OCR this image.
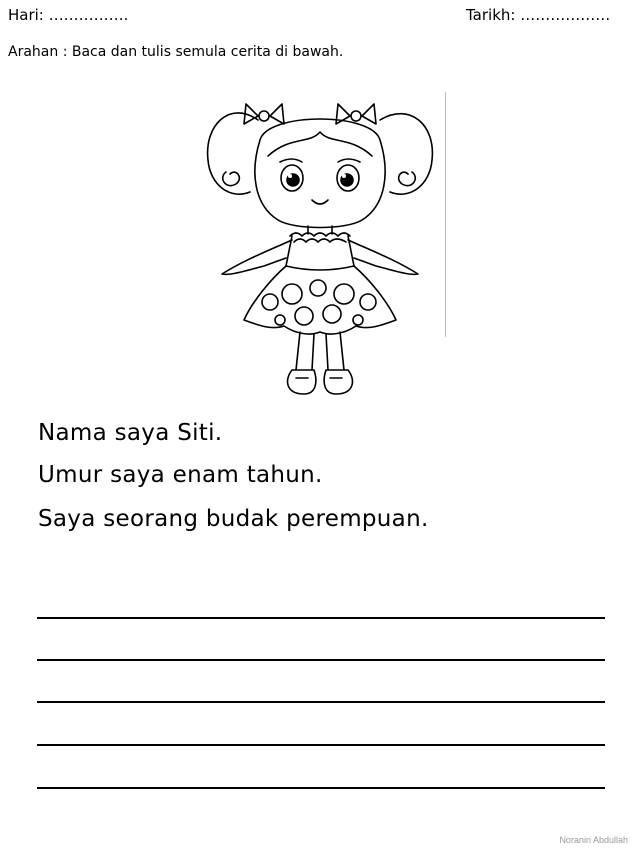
Hari: …………….	Tarikh: ………………
Arahan : Baca dan tulis semula cerita di bawah.
Nama saya Siti.
Umur saya enam tahun.
Saya seorang budak perempuan.
Noranin Abdullah
